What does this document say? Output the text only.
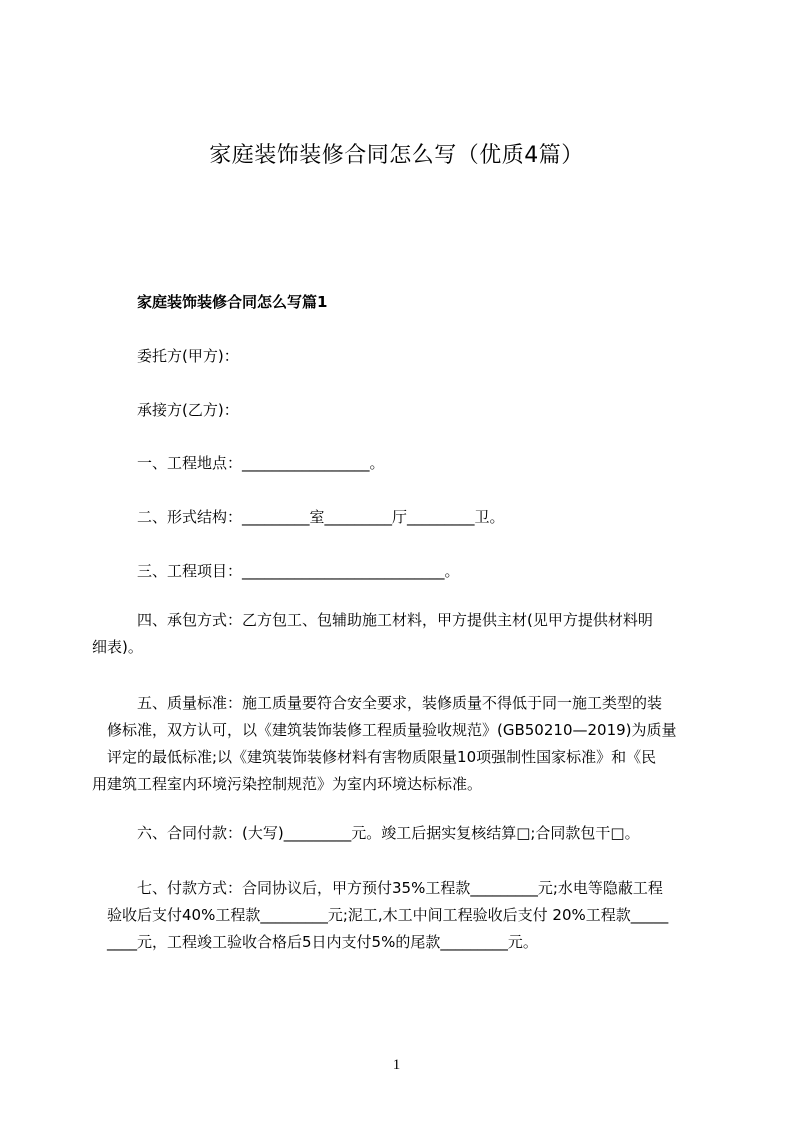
家庭装饰装修合同怎么写（优质4篇）
家庭装饰装修合同怎么写篇1
委托方(甲方)：
承接方(乙方)：
一、工程地点：_________________。
二、形式结构：_________室_________厅_________卫。
三、工程项目：___________________________。
四、承包方式：乙方包工、包辅助施工材料，甲方提供主材(见甲方提供材料明
细表)。
五、质量标准：施工质量要符合安全要求，装修质量不得低于同一施工类型的装
修标准，双方认可，以《建筑装饰装修工程质量验收规范》(GB50210—2019)为质量
评定的最低标准;以《建筑装饰装修材料有害物质限量10项强制性国家标准》和《民
用建筑工程室内环境污染控制规范》为室内环境达标标准。
六、合同付款：(大写)_________元。竣工后据实复核结算□;合同款包干□。
七、付款方式：合同协议后，甲方预付35%工程款_________元;水电等隐蔽工程
验收后支付40%工程款_________元;泥工,木工中间工程验收后支付 20%工程款_____
____元，工程竣工验收合格后5日内支付5%的尾款_________元。
1
